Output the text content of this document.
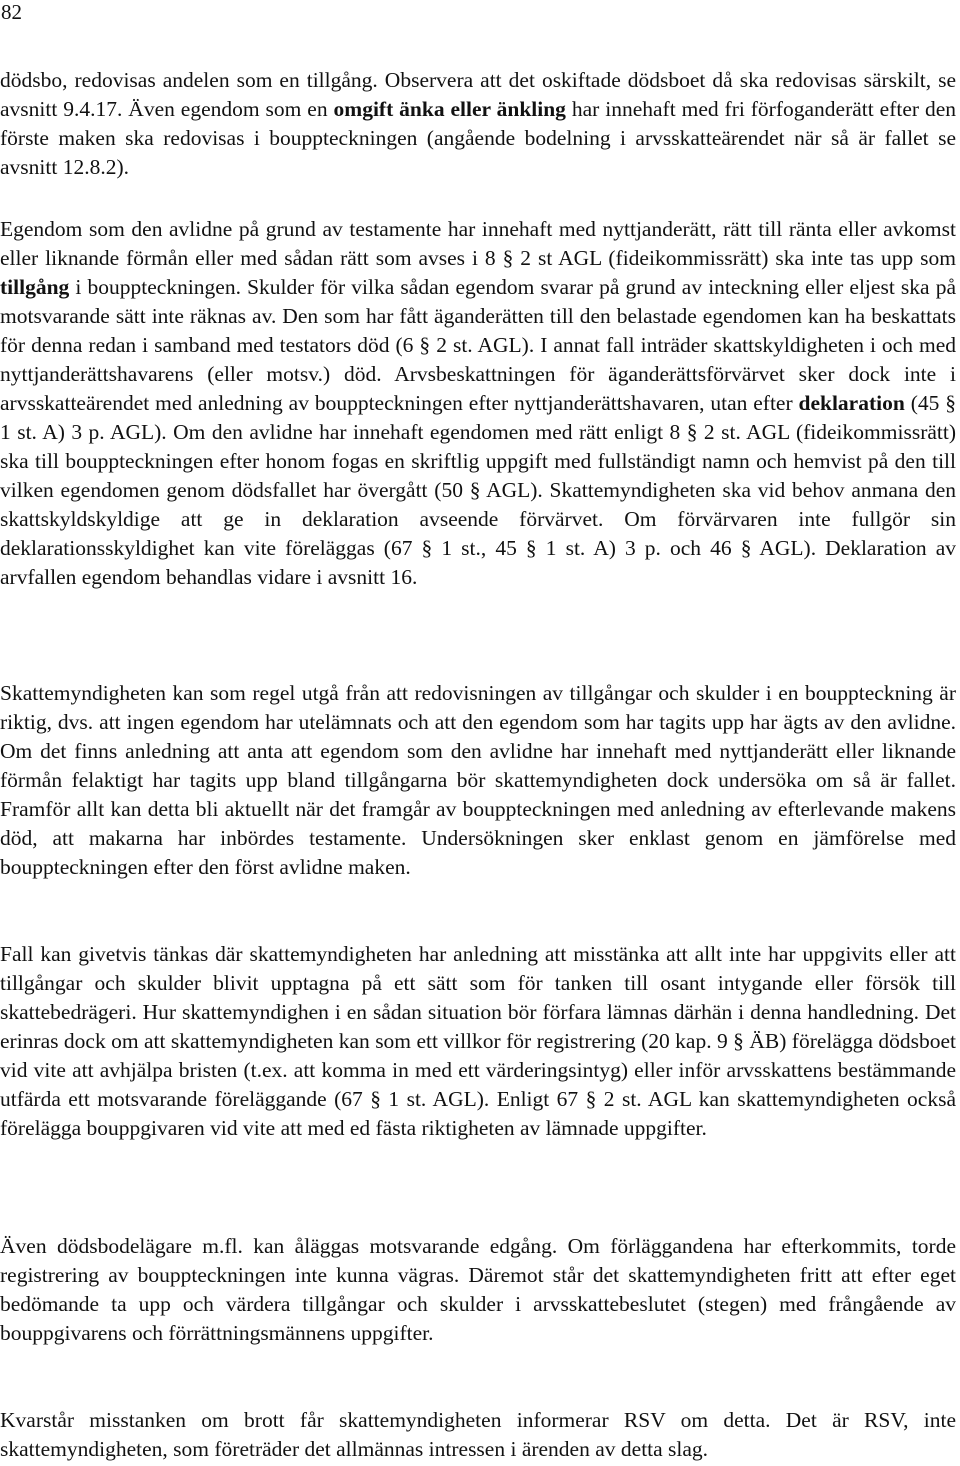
82

dödsbo, redovisas andelen som en tillgång. Observera att det oskiftade dödsboet då ska redovisas särskilt, se avsnitt 9.4.17. Även egendom som en omgift änka eller änkling har innehaft med fri förfoganderätt efter den förste maken ska redovisas i bouppteckningen (angående bodelning i arvsskatteärendet när så är fallet se avsnitt 12.8.2).

Egendom som den avlidne på grund av testamente har innehaft med nyttjanderätt, rätt till ränta eller avkomst eller liknande förmån eller med sådan rätt som avses i 8 § 2 st AGL (fideikommissrätt) ska inte tas upp som tillgång i bouppteckningen. Skulder för vilka sådan egendom svarar på grund av inteckning eller eljest ska på motsvarande sätt inte räknas av. Den som har fått äganderätten till den belastade egendomen kan ha beskattats för denna redan i samband med testators död (6 § 2 st. AGL). I annat fall inträder skattskyldigheten i och med nyttjanderättshavarens (eller motsv.) död. Arvsbeskattningen för äganderättsförvärvet sker dock inte i arvsskatteärendet med anledning av bouppteckningen efter nyttjanderättshavaren, utan efter deklaration (45 § 1 st. A) 3 p. AGL). Om den avlidne har innehaft egendomen med rätt enligt 8 § 2 st. AGL (fideikommissrätt) ska till bouppteckningen efter honom fogas en skriftlig uppgift med fullständigt namn och hemvist på den till vilken egendomen genom dödsfallet har övergått (50 § AGL). Skattemyndigheten ska vid behov anmana den skattskyldskyldige att ge in deklaration avseende förvärvet. Om förvärvaren inte fullgör sin deklarationsskyldighet kan vite föreläggas (67 § 1 st., 45 § 1 st. A) 3 p. och 46 § AGL). Deklaration av arvfallen egendom behandlas vidare i avsnitt 16.

Skattemyndigheten kan som regel utgå från att redovisningen av tillgångar och skulder i en bouppteckning är riktig, dvs. att ingen egendom har utelämnats och att den egendom som har tagits upp har ägts av den avlidne. Om det finns anledning att anta att egendom som den avlidne har innehaft med nyttjanderätt eller liknande förmån felaktigt har tagits upp bland tillgångarna bör skattemyndigheten dock undersöka om så är fallet. Framför allt kan detta bli aktuellt när det framgår av bouppteckningen med anledning av efterlevande makens död, att makarna har inbördes testamente. Undersökningen sker enklast genom en jämförelse med bouppteckningen efter den först avlidne maken.

Fall kan givetvis tänkas där skattemyndigheten har anledning att misstänka att allt inte har uppgivits eller att tillgångar och skulder blivit upptagna på ett sätt som för tanken till osant intygande eller försök till skattebedrägeri. Hur skattemyndighen i en sådan situation bör förfara lämnas därhän i denna handledning. Det erinras dock om att skattemyndigheten kan som ett villkor för registrering (20 kap. 9 § ÄB) förelägga dödsboet vid vite att avhjälpa bristen (t.ex. att komma in med ett värderingsintyg) eller inför arvsskattens bestämmande utfärda ett motsvarande föreläggande (67 § 1 st. AGL). Enligt 67 § 2 st. AGL kan skattemyndigheten också förelägga bouppgivaren vid vite att med ed fästa riktigheten av lämnade uppgifter.

Även dödsbodelägare m.fl. kan åläggas motsvarande edgång. Om förläggandena har efterkommits, torde registrering av bouppteckningen inte kunna vägras. Däremot står det skattemyndigheten fritt att efter eget bedömande ta upp och värdera tillgångar och skulder i arvsskattebeslutet (stegen) med frångående av bouppgivarens och förrättningsmännens uppgifter.

Kvarstår misstanken om brott får skattemyndigheten informerar RSV om detta. Det är RSV, inte skattemyndigheten, som företräder det allmännas intressen i ärenden av detta slag.
